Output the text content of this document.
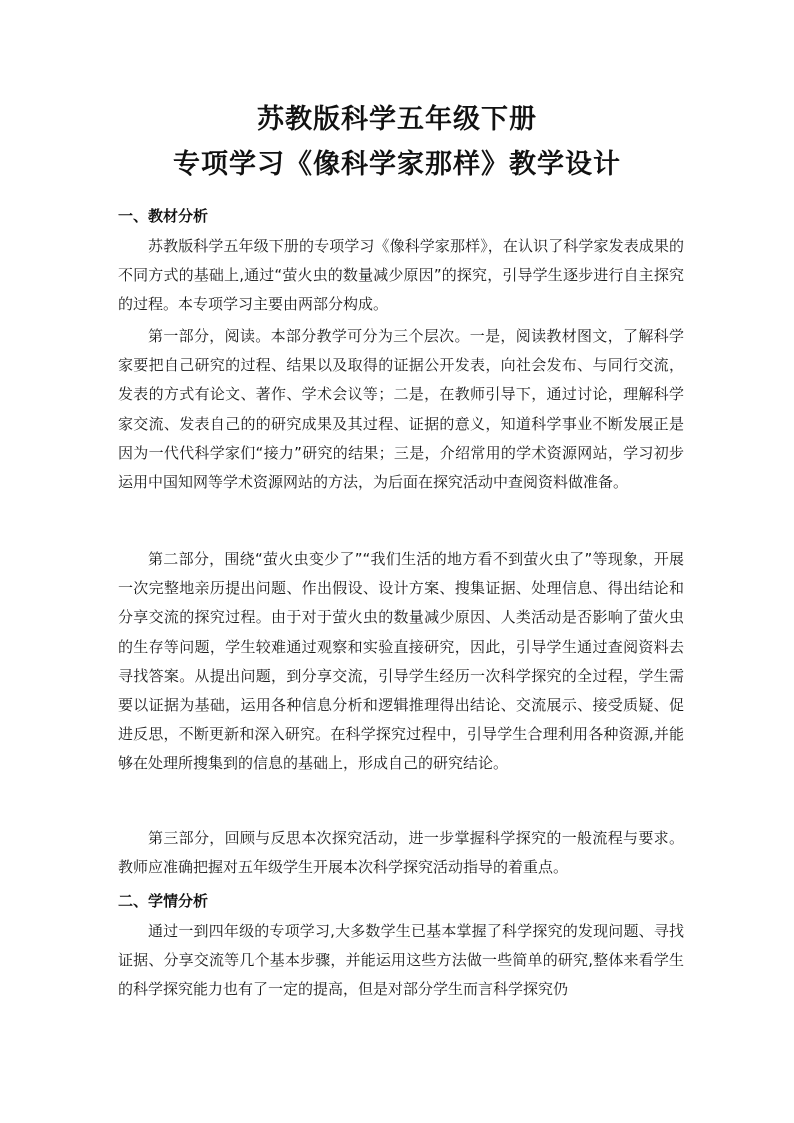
苏教版科学五年级下册
专项学习《像科学家那样》教学设计
一、教材分析

苏教版科学五年级下册的专项学习《像科学家那样》，在认识了科学家发表成果的不同方式的基础上,通过“萤火虫的数量减少原因”的探究，引导学生逐步进行自主探究的过程。本专项学习主要由两部分构成。

第一部分，阅读。本部分教学可分为三个层次。一是，阅读教材图文，了解科学家要把自己研究的过程、结果以及取得的证据公开发表，向社会发布、与同行交流，发表的方式有论文、著作、学术会议等；二是，在教师引导下，通过讨论，理解科学家交流、发表自己的的研究成果及其过程、证据的意义，知道科学事业不断发展正是因为一代代科学家们“接力”研究的结果；三是，介绍常用的学术资源网站，学习初步运用中国知网等学术资源网站的方法，为后面在探究活动中查阅资料做准备。

第二部分，围绕“萤火虫变少了”“我们生活的地方看不到萤火虫了”等现象，开展一次完整地亲历提出问题、作出假设、设计方案、搜集证据、处理信息、得出结论和分享交流的探究过程。由于对于萤火虫的数量减少原因、人类活动是否影响了萤火虫的生存等问题，学生较难通过观察和实验直接研究，因此，引导学生通过查阅资料去寻找答案。从提出问题，到分享交流，引导学生经历一次科学探究的全过程，学生需要以证据为基础，运用各种信息分析和逻辑推理得出结论、交流展示、接受质疑、促进反思，不断更新和深入研究。在科学探究过程中，引导学生合理利用各种资源,并能够在处理所搜集到的信息的基础上，形成自己的研究结论。

第三部分，回顾与反思本次探究活动，进一步掌握科学探究的一般流程与要求。教师应准确把握对五年级学生开展本次科学探究活动指导的着重点。

二、学情分析

通过一到四年级的专项学习,大多数学生已基本掌握了科学探究的发现问题、寻找证据、分享交流等几个基本步骤，并能运用这些方法做一些简单的研究,整体来看学生的科学探究能力也有了一定的提高，但是对部分学生而言科学探究仍
